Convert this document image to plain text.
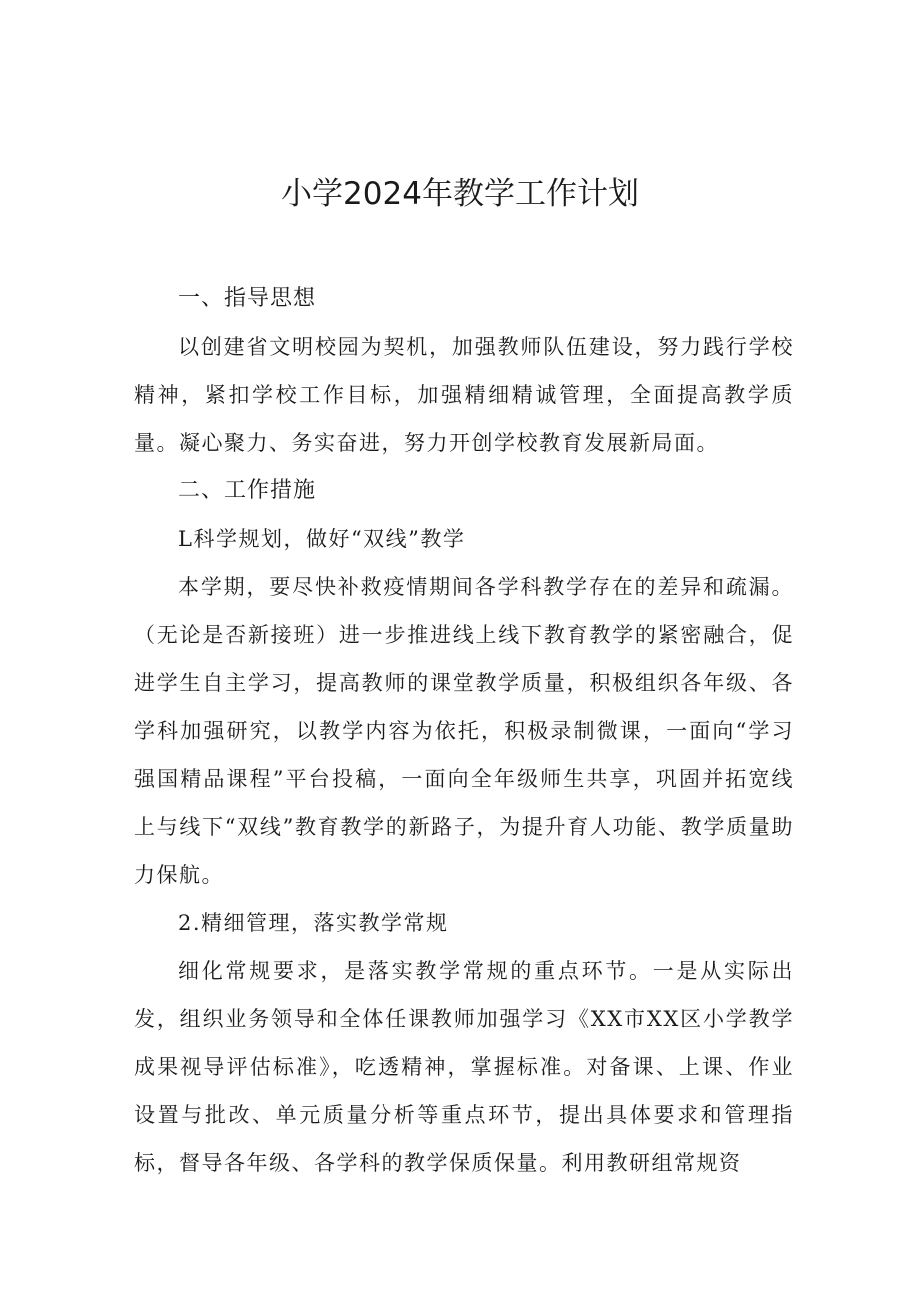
小学2024年教学工作计划
一、指导思想

以创建省文明校园为契机，加强教师队伍建设，努力践行学校精神，紧扣学校工作目标，加强精细精诚管理，全面提高教学质量。凝心聚力、务实奋进，努力开创学校教育发展新局面。

二、工作措施

L科学规划，做好“双线”教学

本学期，要尽快补救疫情期间各学科教学存在的差异和疏漏。（无论是否新接班）进一步推进线上线下教育教学的紧密融合，促进学生自主学习，提高教师的课堂教学质量，积极组织各年级、各学科加强研究，以教学内容为依托，积极录制微课，一面向“学习强国精品课程”平台投稿，一面向全年级师生共享，巩固并拓宽线上与线下“双线”教育教学的新路子，为提升育人功能、教学质量助力保航。

2.精细管理，落实教学常规

细化常规要求，是落实教学常规的重点环节。一是从实际出发，组织业务领导和全体任课教师加强学习《XX市XX区小学教学成果视导评估标准》，吃透精神，掌握标准。对备课、上课、作业设置与批改、单元质量分析等重点环节，提出具体要求和管理指标，督导各年级、各学科的教学保质保量。利用教研组常规资
